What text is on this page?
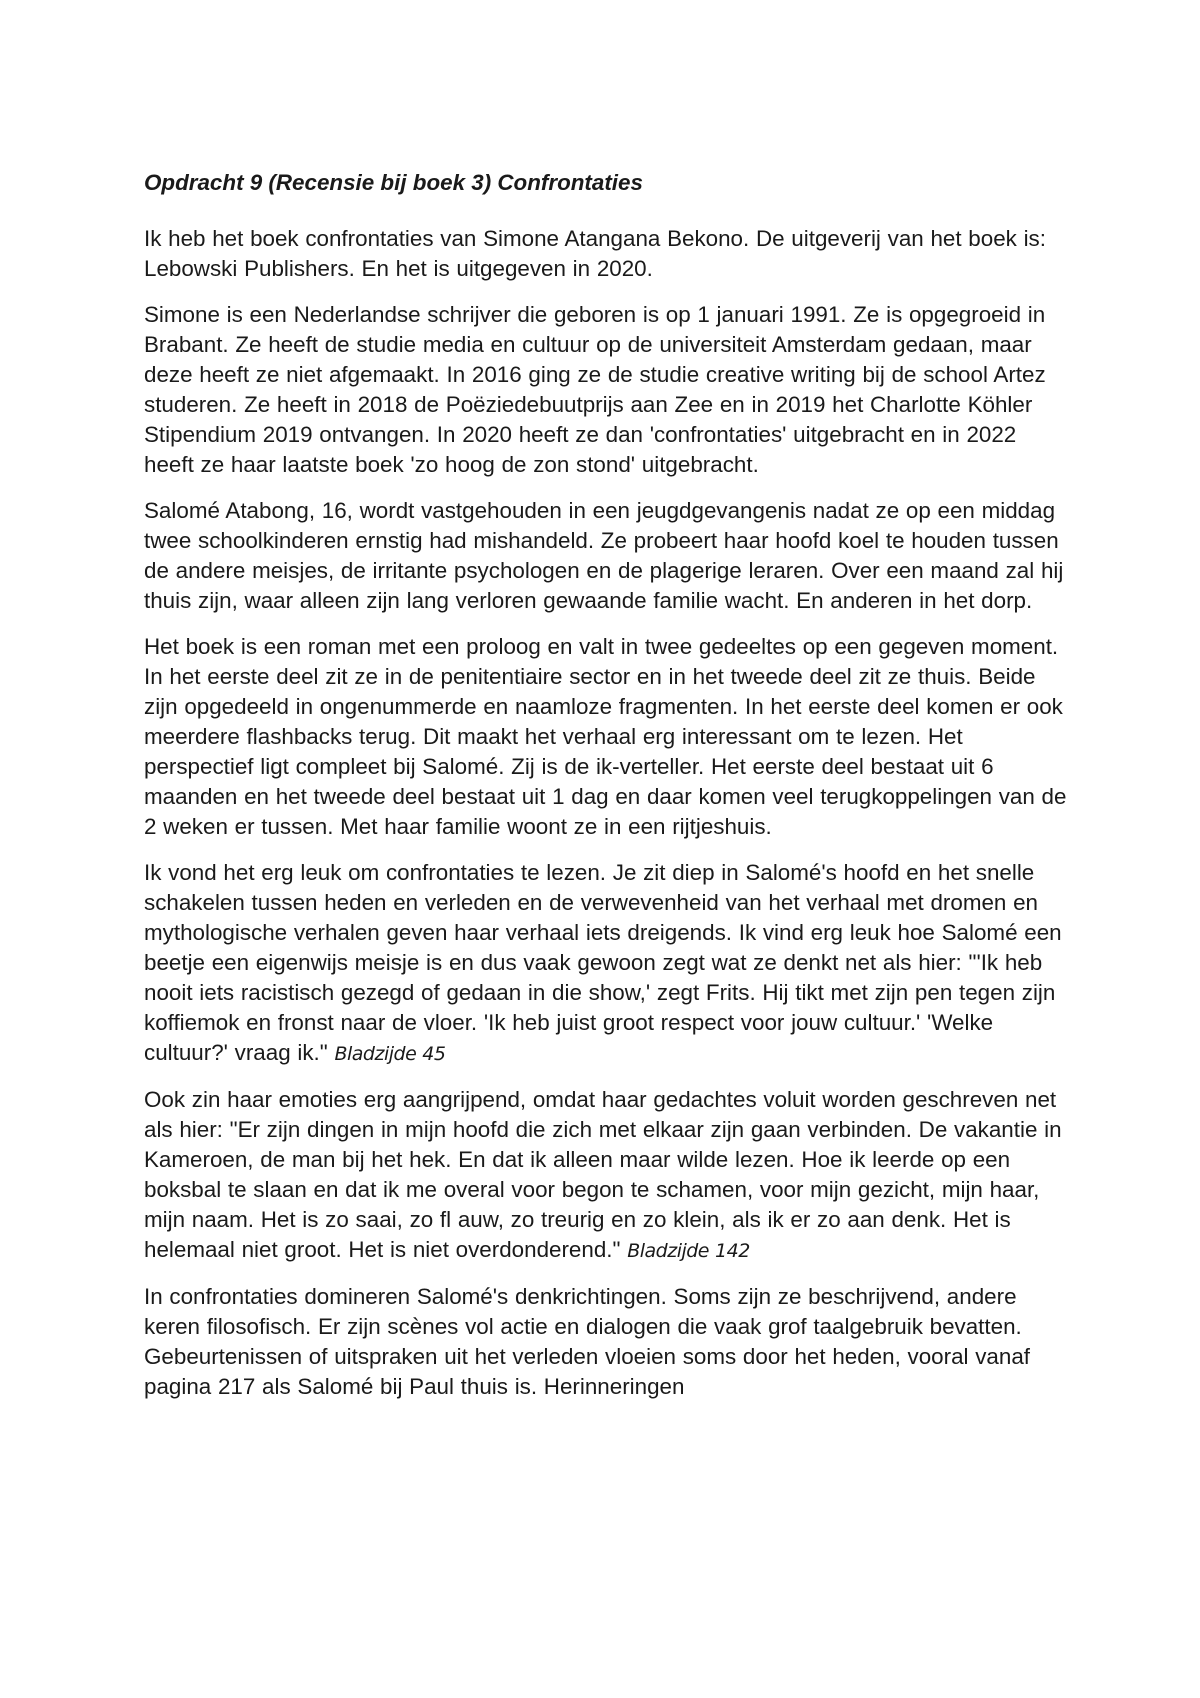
Opdracht 9 (Recensie bij boek 3) Confrontaties

Ik heb het boek confrontaties van Simone Atangana Bekono. De uitgeverij van het boek is: Lebowski Publishers. En het is uitgegeven in 2020.

Simone is een Nederlandse schrijver die geboren is op 1 januari 1991. Ze is opgegroeid in Brabant. Ze heeft de studie media en cultuur op de universiteit Amsterdam gedaan, maar deze heeft ze niet afgemaakt. In 2016 ging ze de studie creative writing bij de school Artez studeren. Ze heeft in 2018 de Poëziedebuutprijs aan Zee en in 2019 het Charlotte Köhler Stipendium 2019 ontvangen. In 2020 heeft ze dan 'confrontaties' uitgebracht en in 2022 heeft ze haar laatste boek 'zo hoog de zon stond' uitgebracht.

Salomé Atabong, 16, wordt vastgehouden in een jeugdgevangenis nadat ze op een middag twee schoolkinderen ernstig had mishandeld. Ze probeert haar hoofd koel te houden tussen de andere meisjes, de irritante psychologen en de plagerige leraren. Over een maand zal hij thuis zijn, waar alleen zijn lang verloren gewaande familie wacht. En anderen in het dorp.

Het boek is een roman met een proloog en valt in twee gedeeltes op een gegeven moment. In het eerste deel zit ze in de penitentiaire sector en in het tweede deel zit ze thuis. Beide zijn opgedeeld in ongenummerde en naamloze fragmenten. In het eerste deel komen er ook meerdere flashbacks terug. Dit maakt het verhaal erg interessant om te lezen. Het perspectief ligt compleet bij Salomé. Zij is de ik-verteller. Het eerste deel bestaat uit 6 maanden en het tweede deel bestaat uit 1 dag en daar komen veel terugkoppelingen van de 2 weken er tussen. Met haar familie woont ze in een rijtjeshuis.

Ik vond het erg leuk om confrontaties te lezen. Je zit diep in Salomé's hoofd en het snelle schakelen tussen heden en verleden en de verwevenheid van het verhaal met dromen en mythologische verhalen geven haar verhaal iets dreigends. Ik vind erg leuk hoe Salomé een beetje een eigenwijs meisje is en dus vaak gewoon zegt wat ze denkt net als hier: "'Ik heb nooit iets racistisch gezegd of gedaan in die show,' zegt Frits. Hij tikt met zijn pen tegen zijn koffiemok en fronst naar de vloer. 'Ik heb juist groot respect voor jouw cultuur.' 'Welke cultuur?' vraag ik." Bladzijde 45

Ook zin haar emoties erg aangrijpend, omdat haar gedachtes voluit worden geschreven net als hier: "Er zijn dingen in mijn hoofd die zich met elkaar zijn gaan verbinden. De vakantie in Kameroen, de man bij het hek. En dat ik alleen maar wilde lezen. Hoe ik leerde op een boksbal te slaan en dat ik me overal voor begon te schamen, voor mijn gezicht, mijn haar, mijn naam. Het is zo saai, zo fl auw, zo treurig en zo klein, als ik er zo aan denk. Het is helemaal niet groot. Het is niet overdonderend." Bladzijde 142

In confrontaties domineren Salomé's denkrichtingen. Soms zijn ze beschrijvend, andere keren filosofisch. Er zijn scènes vol actie en dialogen die vaak grof taalgebruik bevatten. Gebeurtenissen of uitspraken uit het verleden vloeien soms door het heden, vooral vanaf pagina 217 als Salomé bij Paul thuis is. Herinneringen
